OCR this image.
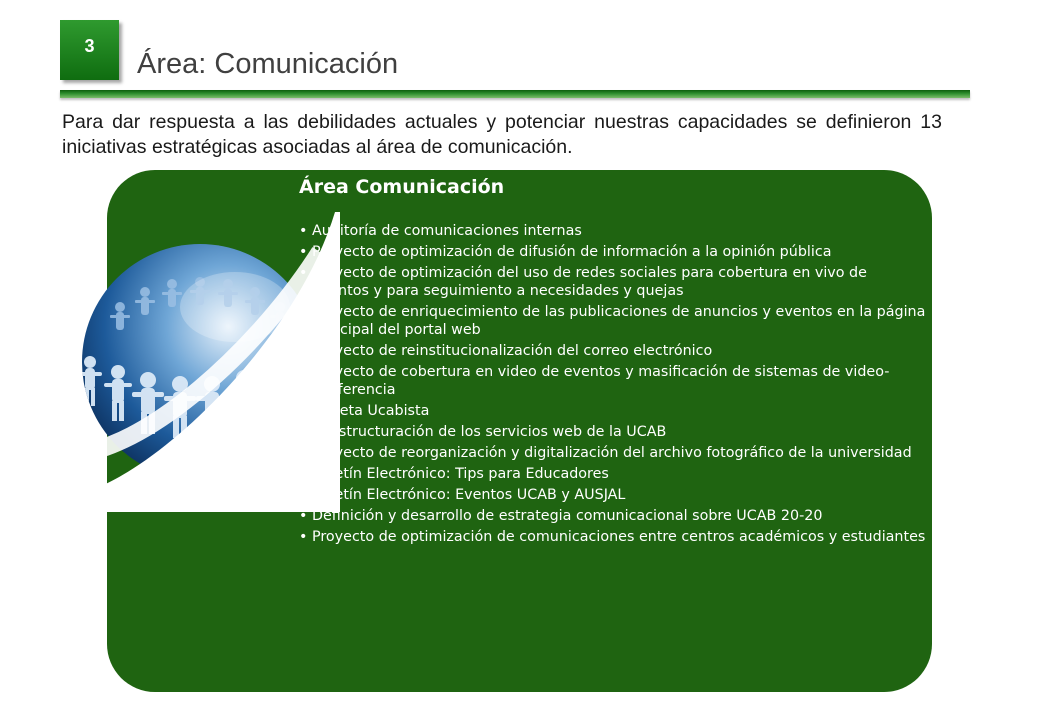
3
Área: Comunicación

Para dar respuesta a las debilidades actuales y potenciar nuestras capacidades se definieron 13 iniciativas estratégicas asociadas al área de comunicación.

Área Comunicación
• Auditoría de comunicaciones internas
• Proyecto de optimización de difusión de información a la opinión pública
• Proyecto de optimización del uso de redes sociales para cobertura en vivo de eventos y para seguimiento a necesidades y quejas
• Proyecto de enriquecimiento de las publicaciones de anuncios y eventos en la página principal del portal web
• Proyecto de reinstitucionalización del correo electrónico
• Proyecto de cobertura en video de eventos y masificación de sistemas de video-conferencia
• Gaceta Ucabista
• Reestructuración de los servicios web de la UCAB
• Proyecto de reorganización y digitalización del archivo fotográfico de la universidad
• Boletín Electrónico: Tips para Educadores
• Boletín Electrónico: Eventos UCAB y AUSJAL
• Definición y desarrollo de estrategia comunicacional sobre UCAB 20-20
• Proyecto de optimización de comunicaciones entre centros académicos y estudiantes
